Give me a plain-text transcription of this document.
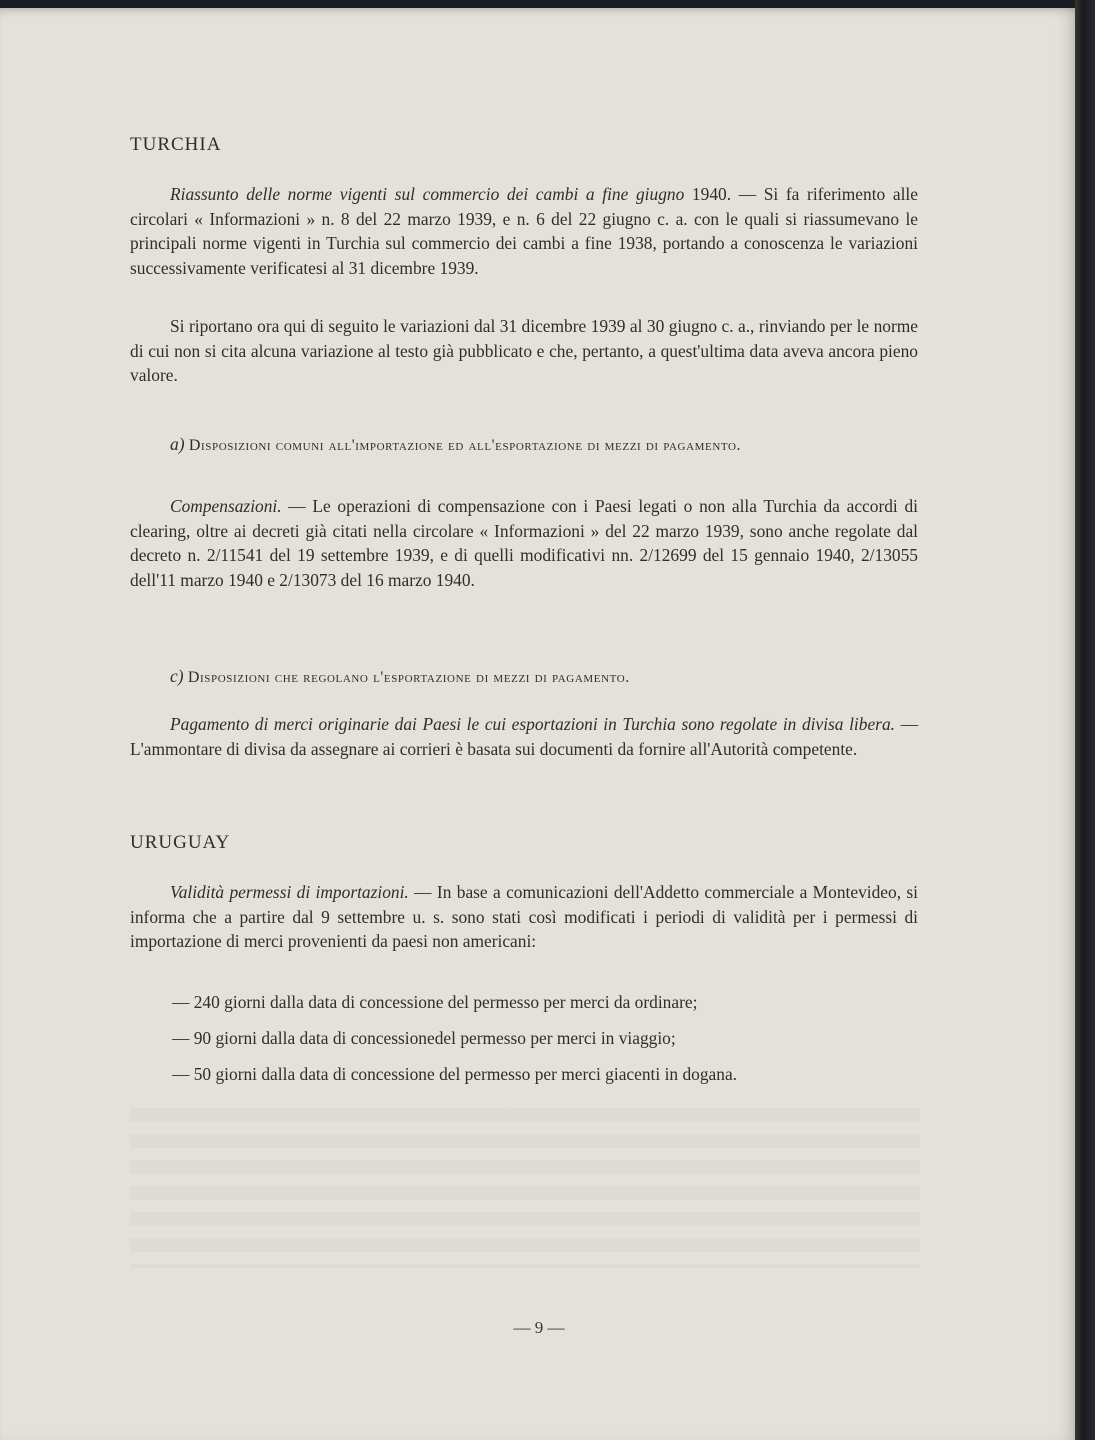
TURCHIA

Riassunto delle norme vigenti sul commercio dei cambi a fine giugno 1940. — Si fa riferimento alle circolari « Informazioni » n. 8 del 22 marzo 1939, e n. 6 del 22 giugno c. a. con le quali si riassumevano le principali norme vigenti in Turchia sul commercio dei cambi a fine 1938, portando a conoscenza le variazioni successivamente verificatesi al 31 dicembre 1939.

Si riportano ora qui di seguito le variazioni dal 31 dicembre 1939 al 30 giugno c. a., rinviando per le norme di cui non si cita alcuna variazione al testo già pubblicato e che, pertanto, a quest'ultima data aveva ancora pieno valore.

a) Disposizioni comuni all'importazione ed all'esportazione di mezzi di pagamento.

Compensazioni. — Le operazioni di compensazione con i Paesi legati o non alla Turchia da accordi di clearing, oltre ai decreti già citati nella circolare « Informazioni » del 22 marzo 1939, sono anche regolate dal decreto n. 2/11541 del 19 settembre 1939, e di quelli modificativi nn. 2/12699 del 15 gennaio 1940, 2/13055 dell'11 marzo 1940 e 2/13073 del 16 marzo 1940.

c) Disposizioni che regolano l'esportazione di mezzi di pagamento.

Pagamento di merci originarie dai Paesi le cui esportazioni in Turchia sono regolate in divisa libera. — L'ammontare di divisa da assegnare ai corrieri è basata sui documenti da fornire all'Autorità competente.

URUGUAY

Validità permessi di importazioni. — In base a comunicazioni dell'Addetto commerciale a Montevideo, si informa che a partire dal 9 settembre u. s. sono stati così modificati i periodi di validità per i permessi di importazione di merci provenienti da paesi non americani:

— 240 giorni dalla data di concessione del permesso per merci da ordinare;

— 90 giorni dalla data di concessionedel permesso per merci in viaggio;

— 50 giorni dalla data di concessione del permesso per merci giacenti in dogana.

— 9 —
